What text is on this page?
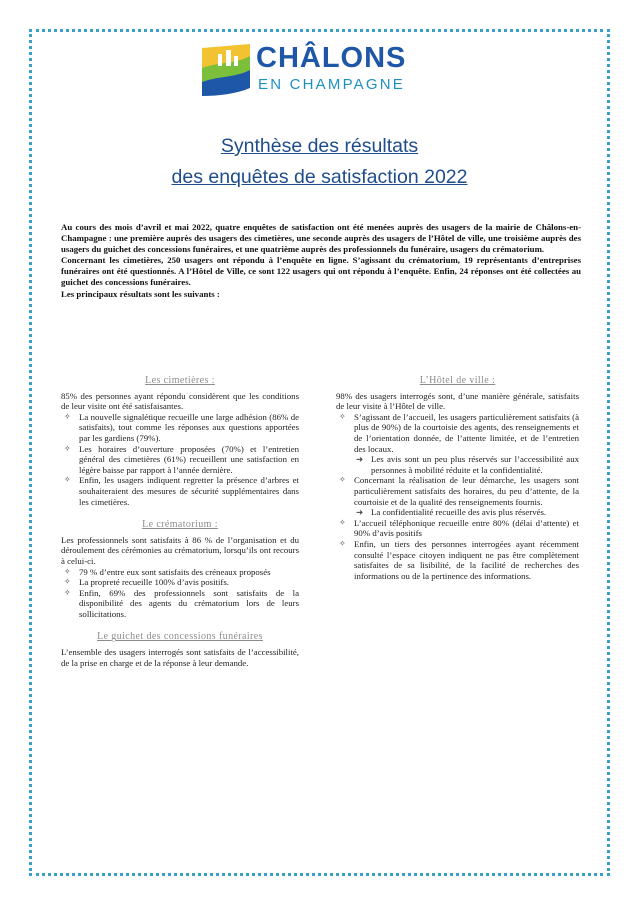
CHÂLONS
EN CHAMPAGNE
Synthèse des résultats
des enquêtes de satisfaction 2022

Au cours des mois d’avril et mai 2022, quatre enquêtes de satisfaction ont été menées auprès des usagers de la mairie de Châlons-en-Champagne : une première auprès des usagers des cimetières, une seconde auprès des usagers de l’Hôtel de ville, une troisième auprès des usagers du guichet des concessions funéraires, et une quatrième auprès des professionnels du funéraire, usagers du crématorium.

Concernant les cimetières, 250 usagers ont répondu à l’enquête en ligne. S’agissant du crématorium, 19 représentants d’entreprises funéraires ont été questionnés. A l’Hôtel de Ville, ce sont 122 usagers qui ont répondu à l’enquête. Enfin, 24 réponses ont été collectées au guichet des concessions funéraires.

Les principaux résultats sont les suivants :

Les cimetières :

85% des personnes ayant répondu considèrent que les conditions de leur visite ont été satisfaisantes.

✧ La nouvelle signalétique recueille une large adhésion (86% de satisfaits), tout comme les réponses aux questions apportées par les gardiens (79%).
✧ Les horaires d’ouverture proposées (70%) et l’entretien général des cimetières (61%) recueillent une satisfaction en légère baisse par rapport à l’année dernière.
✧ Enfin, les usagers indiquent regretter la présence d’arbres et souhaiteraient des mesures de sécurité supplémentaires dans les cimetières.
Le crématorium :

Les professionnels sont satisfaits à 86 % de l’organisation et du déroulement des cérémonies au crématorium, lorsqu’ils ont recours à celui-ci.

✧ 79 % d’entre eux sont satisfaits des créneaux proposés
✧ La propreté recueille 100% d’avis positifs.
✧ Enfin, 69% des professionnels sont satisfaits de la disponibilité des agents du crématorium lors de leurs sollicitations.
Le guichet des concessions funéraires

L’ensemble des usagers interrogés sont satisfaits de l’accessibilité, de la prise en charge et de la réponse à leur demande.

L’Hôtel de ville :

98% des usagers interrogés sont, d’une manière générale, satisfaits de leur visite à l’Hôtel de ville.

✧ S’agissant de l’accueil, les usagers particulièrement satisfaits (à plus de 90%) de la courtoisie des agents, des renseignements et de l’orientation donnée, de l’attente limitée, et de l’entretien des locaux.
➜ Les avis sont un peu plus réservés sur l’accessibilité aux personnes à mobilité réduite et la confidentialité.
✧ Concernant la réalisation de leur démarche, les usagers sont particulièrement satisfaits des horaires, du peu d’attente, de la courtoisie et de la qualité des renseignements fournis.
➜ La confidentialité recueille des avis plus réservés.
✧ L’accueil téléphonique recueille entre 80% (délai d’attente) et 90% d’avis positifs
✧ Enfin, un tiers des personnes interrogées ayant récemment consulté l’espace citoyen indiquent ne pas être complètement satisfaites de sa lisibilité, de la facilité de recherches des informations ou de la pertinence des informations.
